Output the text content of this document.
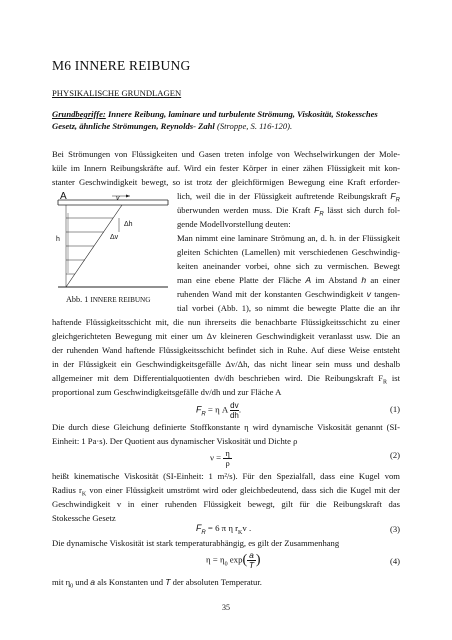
M6 INNERE REIBUNG
PHYSIKALISCHE GRUNDLAGEN
Grundbegriffe: Innere Reibung, laminare und turbulente Strömung, Viskosität, Stokessches Gesetz, ähnliche Strömungen, Reynolds- Zahl (Stroppe, S. 116-120).
Bei Strömungen von Flüssigkeiten und Gasen treten infolge von Wechselwirkungen der Mole-
küle im Innern Reibungskräfte auf. Wird ein fester Körper in einer zähen Flüssigkeit mit kon-
stanter Geschwindigkeit bewegt, so ist trotz der gleichförmigen Bewegung eine Kraft erforder-
A	v
Δh
Δv
h
Abb. 1 INNERE REIBUNG
lich, weil die in der Flüssigkeit auftretende Reibungskraft $F_R$
überwunden werden muss. Die Kraft $F_R$ lässt sich durch fol-
gende Modellvorstellung deuten:
Man nimmt eine laminare Strömung an, d. h. in der Flüssigkeit
gleiten Schichten (Lamellen) mit verschiedenen Geschwindig-
keiten aneinander vorbei, ohne sich zu vermischen. Bewegt
man eine ebene Platte der Fläche A im Abstand h an einer
ruhenden Wand mit der konstanten Geschwindigkeit v tangen-
tial vorbei (Abb. 1), so nimmt die bewegte Platte die an ihr
haftende Flüssigkeitsschicht mit, die nun ihrerseits die benachbarte Flüssigkeitsschicht zu einer
gleichgerichteten Bewegung mit einer um Δv kleineren Geschwindigkeit veranlasst usw. Die an
der ruhenden Wand haftende Flüssigkeitsschicht befindet sich in Ruhe. Auf diese Weise entsteht
in der Flüssigkeit ein Geschwindigkeitsgefälle Δv/Δh, das nicht linear sein muss und deshalb
allgemeiner mit dem Differentialquotienten dv/dh beschrieben wird. Die Reibungskraft $F_R$ ist
proportional zum Geschwindigkeitsgefälle dv/dh und zur Fläche A
$F_R = \eta$ A $\frac{dv}{dh}$ .	(1)
Die durch diese Gleichung definierte Stoffkonstante η wird dynamische Viskosität genannt (SI-
Einheit: 1 Pa·s). Der Quotient aus dynamischer Viskosität und Dichte ρ
$\nu = \frac{\eta}{\rho}$	(2)
heißt kinematische Viskosität (SI-Einheit: 1 m²/s). Für den Spezialfall, dass eine Kugel vom
Radius $r_K$ von einer Flüssigkeit umströmt wird oder gleichbedeutend, dass sich die Kugel mit der
Geschwindigkeit v in einer ruhenden Flüssigkeit bewegt, gilt für die Reibungskraft das
Stokessche Gesetz
$F_R = 6$ π η $r_Kv$ .	(3)
Die dynamische Viskosität ist stark temperaturabhängig, es gilt der Zusammenhang
$\eta = \eta_0$ $\exp( \frac{a}{T}$ )	(4)
mit $\eta_0$ und a als Konstanten und T der absoluten Temperatur.
35
